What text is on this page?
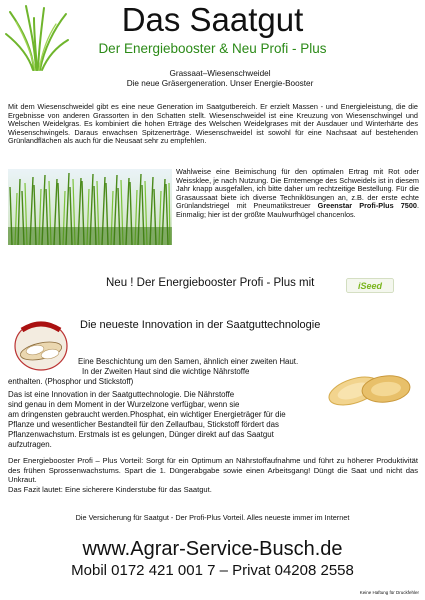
Das Saatgut
Der Energiebooster & Neu Profi - Plus
Grassaat–Wiesenschweidel
Die neue Gräsergeneration. Unser Energie-Booster
Mit dem Wiesenschweidel gibt es eine neue Generation im Saatgutbereich. Er erzielt Massen - und Energieleistung, die die Ergebnisse von anderen Grassorten in den Schatten stellt. Wiesenschweidel ist eine Kreuzung von Wiesenschwingel und Welschen Weidelgras. Es kombiniert die hohen Erträge des Welschen Weidelgrases mit der Ausdauer und Winterhärte des Wiesenschwingels. Daraus erwachsen Spitzenerträge. Wiesenschweidel ist sowohl für eine Nachsaat auf bestehenden Grünlandflächen als auch für die Neusaat sehr zu empfehlen.
Wahlweise eine Beimischung für den optimalen Ertrag mit Rot oder Weissklee, je nach Nutzung. Die Erntemenge des Schweidels ist in diesem Jahr knapp ausgefallen, ich bitte daher um rechtzeitige Bestellung. Für die Grasaussaat biete ich diverse Techniklösungen an, z.B. der erste echte Grünlandstriegel mit Pneumatikstreuer Greenstar Profi-Plus 7500. Einmalig; hier ist der größte Maulwurfhügel chancenlos.
Neu ! Der Energiebooster Profi - Plus mit	iSeed
Die neueste Innovation in der Saatguttechnologie
Eine Beschichtung um den Samen, ähnlich einer zweiten Haut.
In der Zweiten Haut sind die wichtige Nährstoffe
enthalten. (Phosphor und Stickstoff)
Das ist eine Innovation in der Saatguttechnologie. Die Nährstoffe
sind genau in dem Moment in der Wurzelzone verfügbar, wenn sie
am dringensten gebraucht werden.Phosphat, ein wichtiger Energieträger für die
Pflanze und wesentlicher Bestandteil für den Zellaufbau, Stickstoff fördert das
Pflanzenwachstum. Erstmals ist es gelungen, Dünger direkt auf das Saatgut
aufzutragen.
Der Energiebooster Profi – Plus Vorteil: Sorgt für ein Optimum an Nährstoffaufnahme und führt zu höherer Produktivität des frühen Sprossenwachstums. Spart die 1. Düngerabgabe sowie einen Arbeitsgang! Düngt die Saat und nicht das Unkraut.
Das Fazit lautet: Eine sicherere Kinderstube für das Saatgut.
Die Versicherung für Saatgut - Der Profi-Plus Vorteil. Alles neueste immer im Internet
www.Agrar-Service-Busch.de
Mobil 0172 421 001 7 – Privat 04208 2558
Keine Haftung für Druckfehler
